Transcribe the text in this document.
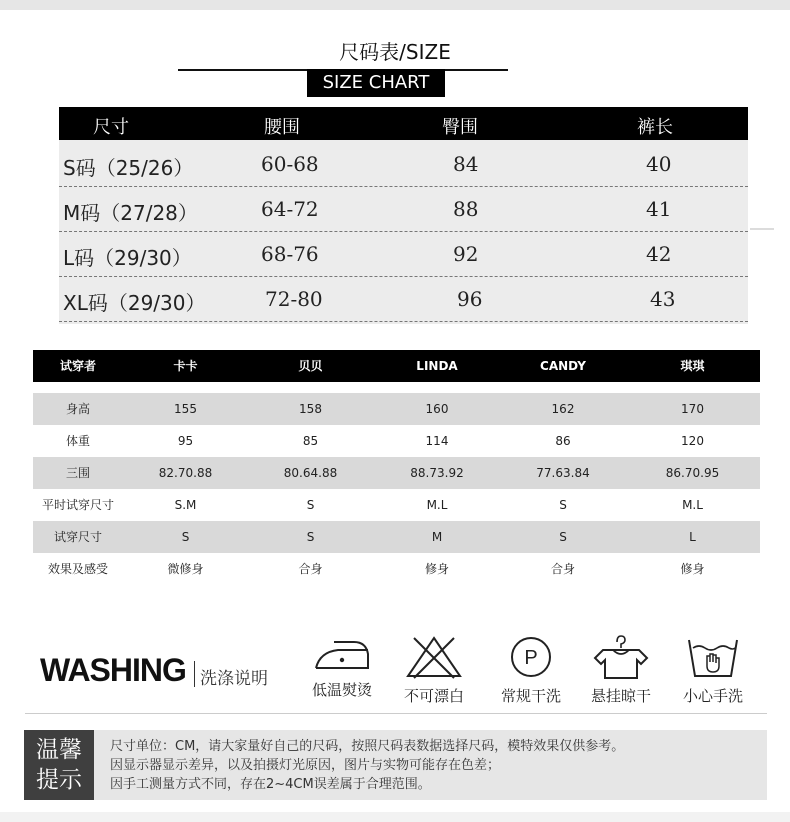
尺码表/SIZE
SIZE CHART
尺寸	腰围	臀围	裤长
S码（25/26）	60-68	84	40
M码（27/28）	64-72	88	41
L码（29/30）	68-76	92	42
XL码（29/30）	72-80	96	43
试穿者	卡卡	贝贝	LINDA	CANDY	琪琪
身高	155	158	160	162	170
体重	95	85	114	86	120
三围	82.70.88	80.64.88	88.73.92	77.63.84	86.70.95
平时试穿尺寸	S.M	S	M.L	S	M.L
试穿尺寸	S	S	M	S	L
效果及感受	微修身	合身	修身	合身	修身
WASHING 洗涤说明
低温熨烫	不可漂白
P
常规干洗	悬挂晾干	小心手洗
温馨
提示
尺寸单位：CM，请大家量好自己的尺码，按照尺码表数据选择尺码，模特效果仅供参考。
因显示器显示差异，以及拍摄灯光原因，图片与实物可能存在色差；
因手工测量方式不同，存在2~4CM误差属于合理范围。
